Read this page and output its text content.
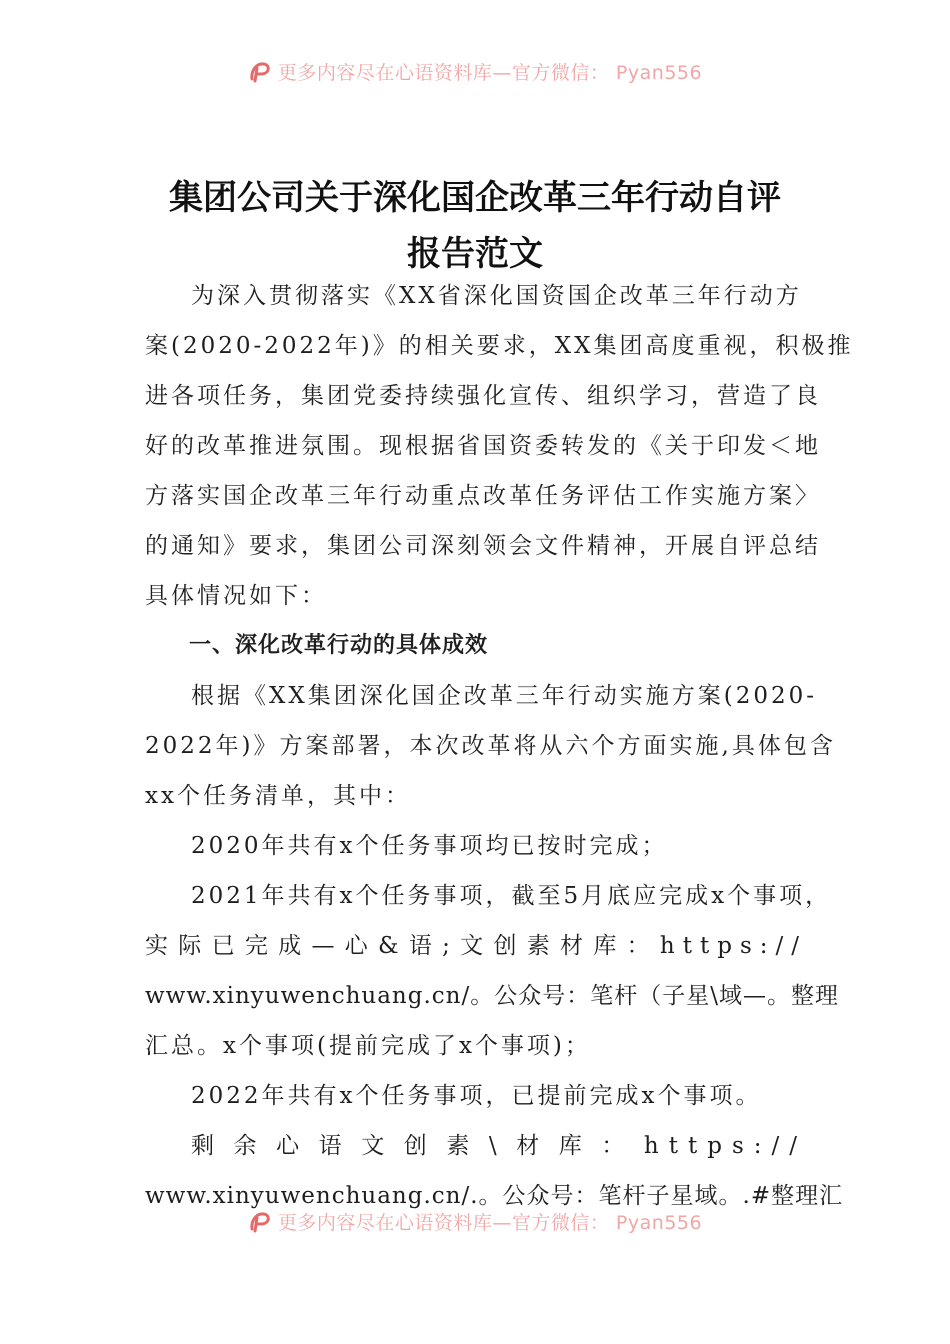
更多内容尽在心语资料库—官方微信： Pyan556
集团公司关于深化国企改革三年行动自评
报告范文
为深入贯彻落实《XX省深化国资国企改革三年行动方
案(2020-2022年)》的相关要求，XX集团高度重视，积极推
进各项任务，集团党委持续强化宣传、组织学习，营造了良
好的改革推进氛围。现根据省国资委转发的《关于印发＜地
方落实国企改革三年行动重点改革任务评估工作实施方案〉
的通知》要求，集团公司深刻领会文件精神，开展自评总结
具体情况如下：
一、深化改革行动的具体成效
根据《XX集团深化国企改革三年行动实施方案(2020-
2022年)》方案部署，本次改革将从六个方面实施,具体包含
xx个任务清单，其中：
2020年共有x个任务事项均已按时完成；
2021年共有x个任务事项，截至5月底应完成x个事项，
实际已完成—心&语;文创素材库：https://
www.xinyuwenchuang.cn/。公众号：笔杆（子星\域—。整理
汇总。x个事项(提前完成了x个事项)；
2022年共有x个任务事项，已提前完成x个事项。
剩余心语文创素\材库：https://
www.xinyuwenchuang.cn/.。公众号：笔杆子星域。.#整理汇
更多内容尽在心语资料库—官方微信： Pyan556
